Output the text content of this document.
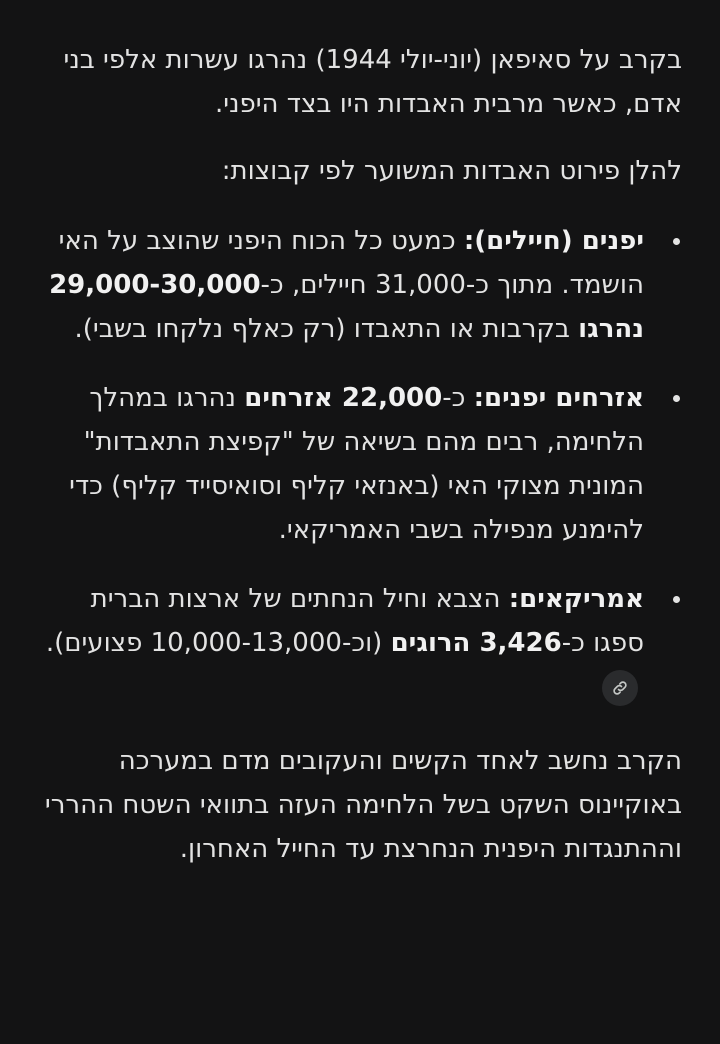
בקרב על סאיפאן (יוני-יולי 1944) נהרגו עשרות אלפי בני אדם, כאשר מרבית האבדות היו בצד היפני.

להלן פירוט האבדות המשוער לפי קבוצות:

יפנים (חיילים): כמעט כל הכוח היפני שהוצב על האי הושמד. מתוך כ-31,000 חיילים, כ-29,000-30,000 נהרגו בקרבות או התאבדו (רק כאלף נלקחו בשבי).
אזרחים יפנים: כ-22,000 אזרחים נהרגו במהלך הלחימה, רבים מהם בשיאה של "קפיצת התאבדות" המונית מצוקי האי (באנזאי קליף וסואיסייד קליף) כדי להימנע מנפילה בשבי האמריקאי.
אמריקאים: הצבא וחיל הנחתים של ארצות הברית ספגו כ-3,426 הרוגים (וכ-10,000-13,000 פצועים).

הקרב נחשב לאחד הקשים והעקובים מדם במערכה באוקיינוס השקט בשל הלחימה העזה בתוואי השטח ההררי וההתנגדות היפנית הנחרצת עד החייל האחרון.
